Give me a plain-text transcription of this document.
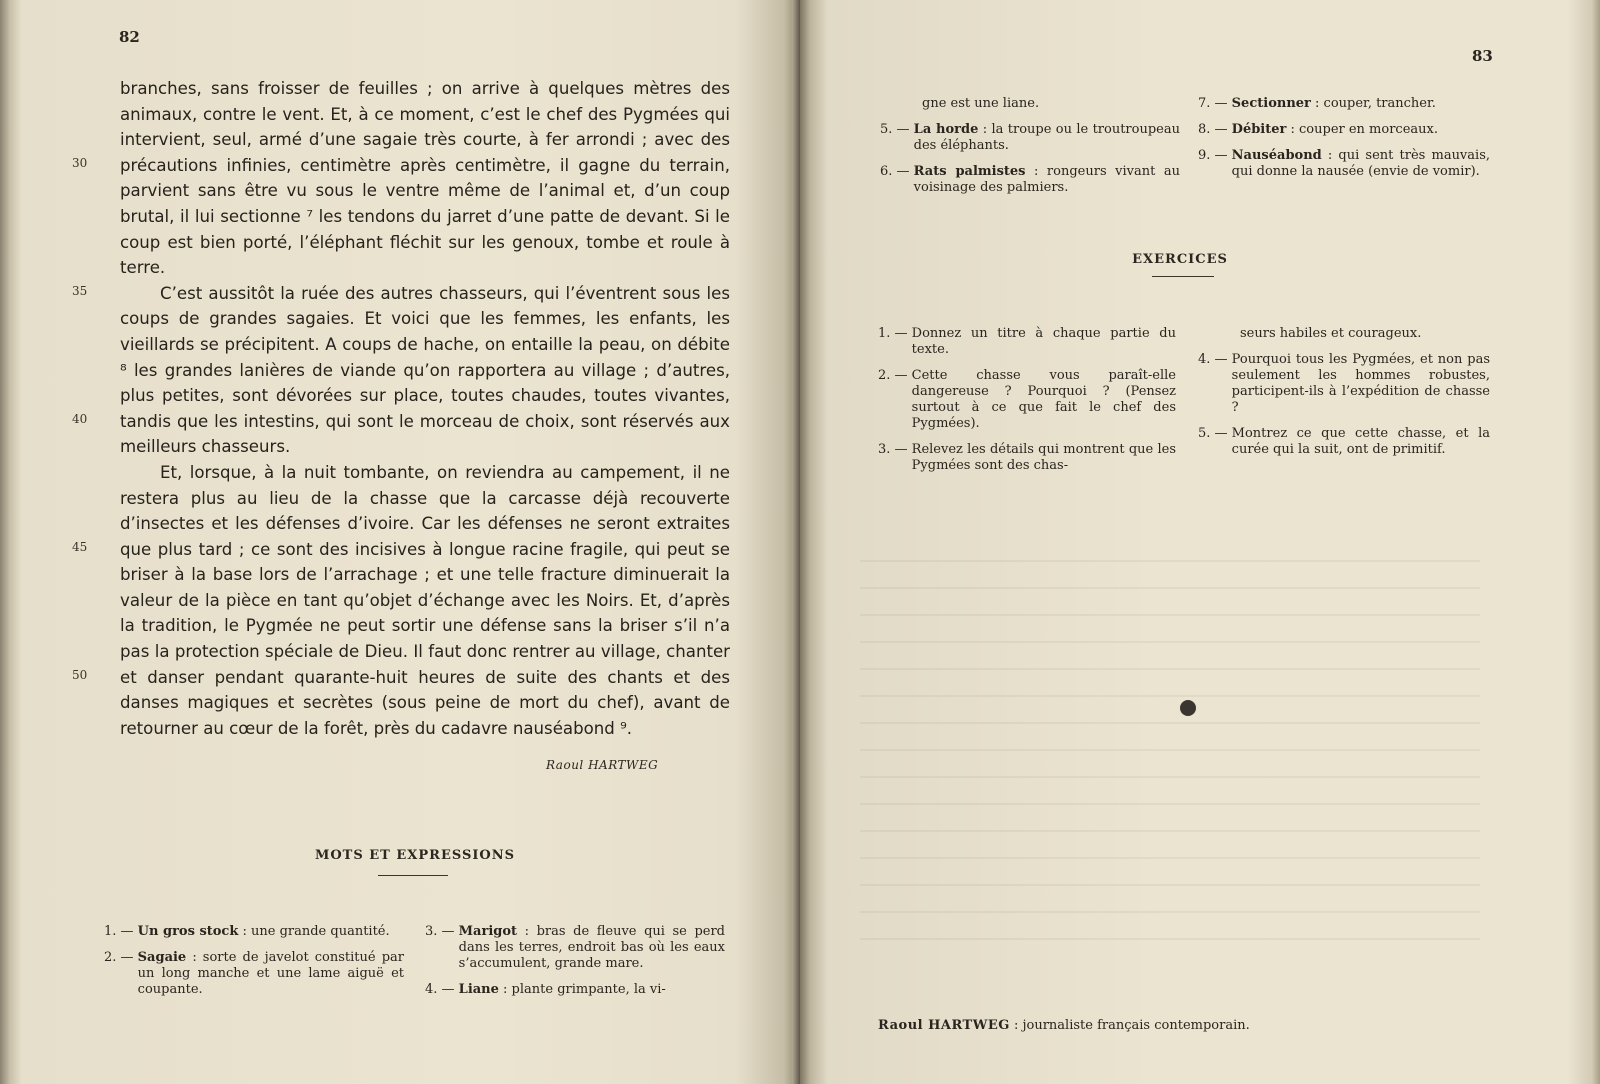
82
30
35
40
45
50

branches, sans froisser de feuilles ; on arrive à quelques mètres des animaux, contre le vent. Et, à ce moment, c’est le chef des Pygmées qui intervient, seul, armé d’une sagaie très courte, à fer arrondi ; avec des précautions infinies, centimètre après centimètre, il gagne du terrain, parvient sans être vu sous le ventre même de l’animal et, d’un coup brutal, il lui sectionne ⁷ les tendons du jarret d’une patte de devant. Si le coup est bien porté, l’éléphant fléchit sur les genoux, tombe et roule à terre.

C’est aussitôt la ruée des autres chasseurs, qui l’éventrent sous les coups de grandes sagaies. Et voici que les femmes, les enfants, les vieillards se précipitent. A coups de hache, on entaille la peau, on débite ⁸ les grandes lanières de viande qu’on rapportera au village ; d’autres, plus petites, sont dévorées sur place, toutes chaudes, toutes vivantes, tandis que les intestins, qui sont le morceau de choix, sont réservés aux meilleurs chasseurs.

Et, lorsque, à la nuit tombante, on reviendra au campement, il ne restera plus au lieu de la chasse que la carcasse déjà recouverte d’insectes et les défenses d’ivoire. Car les défenses ne seront extraites que plus tard ; ce sont des incisives à longue racine fragile, qui peut se briser à la base lors de l’arrachage ; et une telle fracture diminuerait la valeur de la pièce en tant qu’objet d’échange avec les Noirs. Et, d’après la tradition, le Pygmée ne peut sortir une défense sans la briser s’il n’a pas la protection spéciale de Dieu. Il faut donc rentrer au village, chanter et danser pendant quarante-huit heures de suite des chants et des danses magiques et secrètes (sous peine de mort du chef), avant de retourner au cœur de la forêt, près du cadavre nauséabond ⁹.

Raoul HARTWEG
MOTS ET EXPRESSIONS
1. — Un gros stock : une grande quantité.
2. — Sagaie : sorte de javelot constitué par un long manche et une lame aiguë et coupante.
3. — Marigot : bras de fleuve qui se perd dans les terres, endroit bas où les eaux s’accumulent, grande mare.
4. — Liane : plante grimpante, la vi-
83
gne est une liane.
5. — La horde : la troupe ou le troutroupeau des éléphants.
6. — Rats palmistes : rongeurs vivant au voisinage des palmiers.
7. — Sectionner : couper, trancher.
8. — Débiter : couper en morceaux.
9. — Nauséabond : qui sent très mauvais, qui donne la nausée (envie de vomir).
EXERCICES
1. — Donnez un titre à chaque partie du texte.
2. — Cette chasse vous paraît-elle dangereuse ? Pourquoi ? (Pensez surtout à ce que fait le chef des Pygmées).
3. — Relevez les détails qui montrent que les Pygmées sont des chas-
seurs habiles et courageux.
4. — Pourquoi tous les Pygmées, et non pas seulement les hommes robustes, participent-ils à l’expédition de chasse ?
5. — Montrez ce que cette chasse, et la curée qui la suit, ont de primitif.
Raoul HARTWEG : journaliste français contemporain.
